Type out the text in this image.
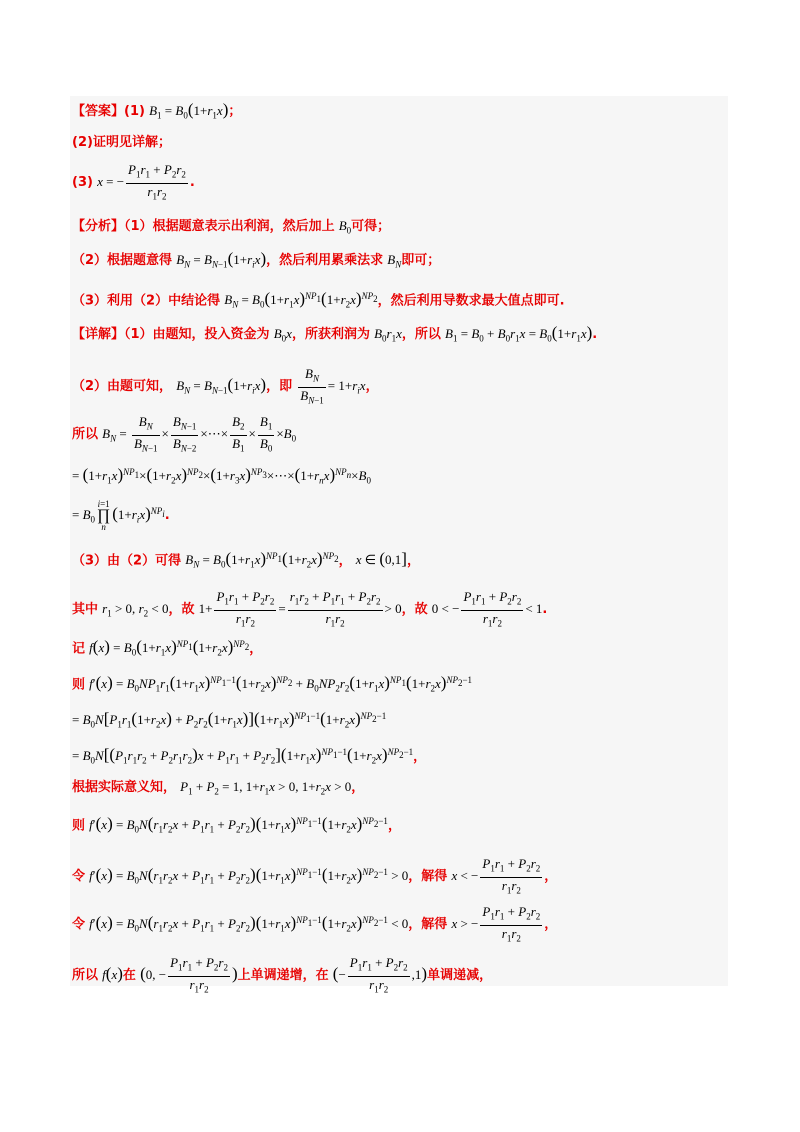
【答案】(1) $B_1 = B_0(1+r_1x)$；
(2)证明见详解；
(3) x = − $\frac{P_1r_1 + P_2r_2}{r_1r_2}$ .
【分析】（1）根据题意表示出利润，然后加上 $B_0$可得；
（2）根据题意得 $B_N = B_{N-1}(1+r_ix)$，然后利用累乘法求 $B_N$即可；
（3）利用（2）中结论得 $B_N = B_0(1+r_1x)^{NP_1}(1+r_2x)^{NP_2}$，然后利用导数求最大值点即可.
【详解】（1）由题知，投入资金为 $B_0x$，所获利润为 $B_0r_1x$，所以 $B_1 = B_0 + B_0r_1x = B_0(1+r_1x)$.
（2）由题可知， $B_N = B_{N-1}(1+r_ix)$，即 $\frac{B_N}{B_{N-1}} = 1+r_ix$，
所以 $B_N = \frac{B_N}{B_{N-1}} \times \frac{B_{N-1}}{B_{N-2}}$ ×⋯× $\frac{B_2}{B_1} \times \frac{B_1}{B_0} \times B_0$
= $(1+r_1x)^{NP_1}\times(1+r_2x)^{NP_2}\times(1+r_3x)^{NP_3}\times\cdots\times(1+r_nx)^{NP_n}\times B_0$
= $B_0$
i=1
∏
n
$(1+r_ix)^{NP_i}$.
（3）由（2）可得 $B_N = B_0(1+r_1x)^{NP_1}(1+r_2x)^{NP_2}$， x ∈ (0,1]，
其中 $r_1 > 0$, $r_2 < 0$，故 $1+ \frac{P_1r_1 + P_2r_2}{r_1r_2} = \frac{r_1r_2 + P_1r_1 + P_2r_2}{r_1r_2} > 0$，故 0 < − $\frac{P_1r_1 + P_2r_2}{r_1r_2} < 1$.
记 $f(x) = B_0(1+r_1x)^{NP_1}(1+r_2x)^{NP_2}$，
则 $f'(x) = B_0NP_1r_1(1+r_1x)^{NP_1-1}(1+r_2x)^{NP_2} + B_0NP_2r_2(1+r_1x)^{NP_1}(1+r_2x)^{NP_2-1}$
= $B_0N[P_1r_1(1+r_2x) + P_2r_2(1+r_1x)](1+r_1x)^{NP_1-1}(1+r_2x)^{NP_2-1}$
= $B_0N[(P_1r_1r_2 + P_2r_1r_2)x + P_1r_1 + P_2r_2](1+r_1x)^{NP_1-1}(1+r_2x)^{NP_2-1}$，
根据实际意义知， $P_1 + P_2 = 1$, $1+r_1x > 0$, $1+r_2x > 0$，
则 $f'(x) = B_0N(r_1r_2x + P_1r_1 + P_2r_2)(1+r_1x)^{NP_1-1}(1+r_2x)^{NP_2-1}$，
令 $f'(x) = B_0N(r_1r_2x + P_1r_1 + P_2r_2)(1+r_1x)^{NP_1-1}(1+r_2x)^{NP_2-1} > 0$，解得 x < − $\frac{P_1r_1 + P_2r_2}{r_1r_2}$ ，
令 $f'(x) = B_0N(r_1r_2x + P_1r_1 + P_2r_2)(1+r_1x)^{NP_1-1}(1+r_2x)^{NP_2-1} < 0$，解得 x > − $\frac{P_1r_1 + P_2r_2}{r_1r_2}$ ，
所以 f(x)在 (0, − $\frac{P_1r_1 + P_2r_2}{r_1r_2}$ )上单调递增，在 (− $\frac{P_1r_1 + P_2r_2}{r_1r_2} ,1$)单调递减，
